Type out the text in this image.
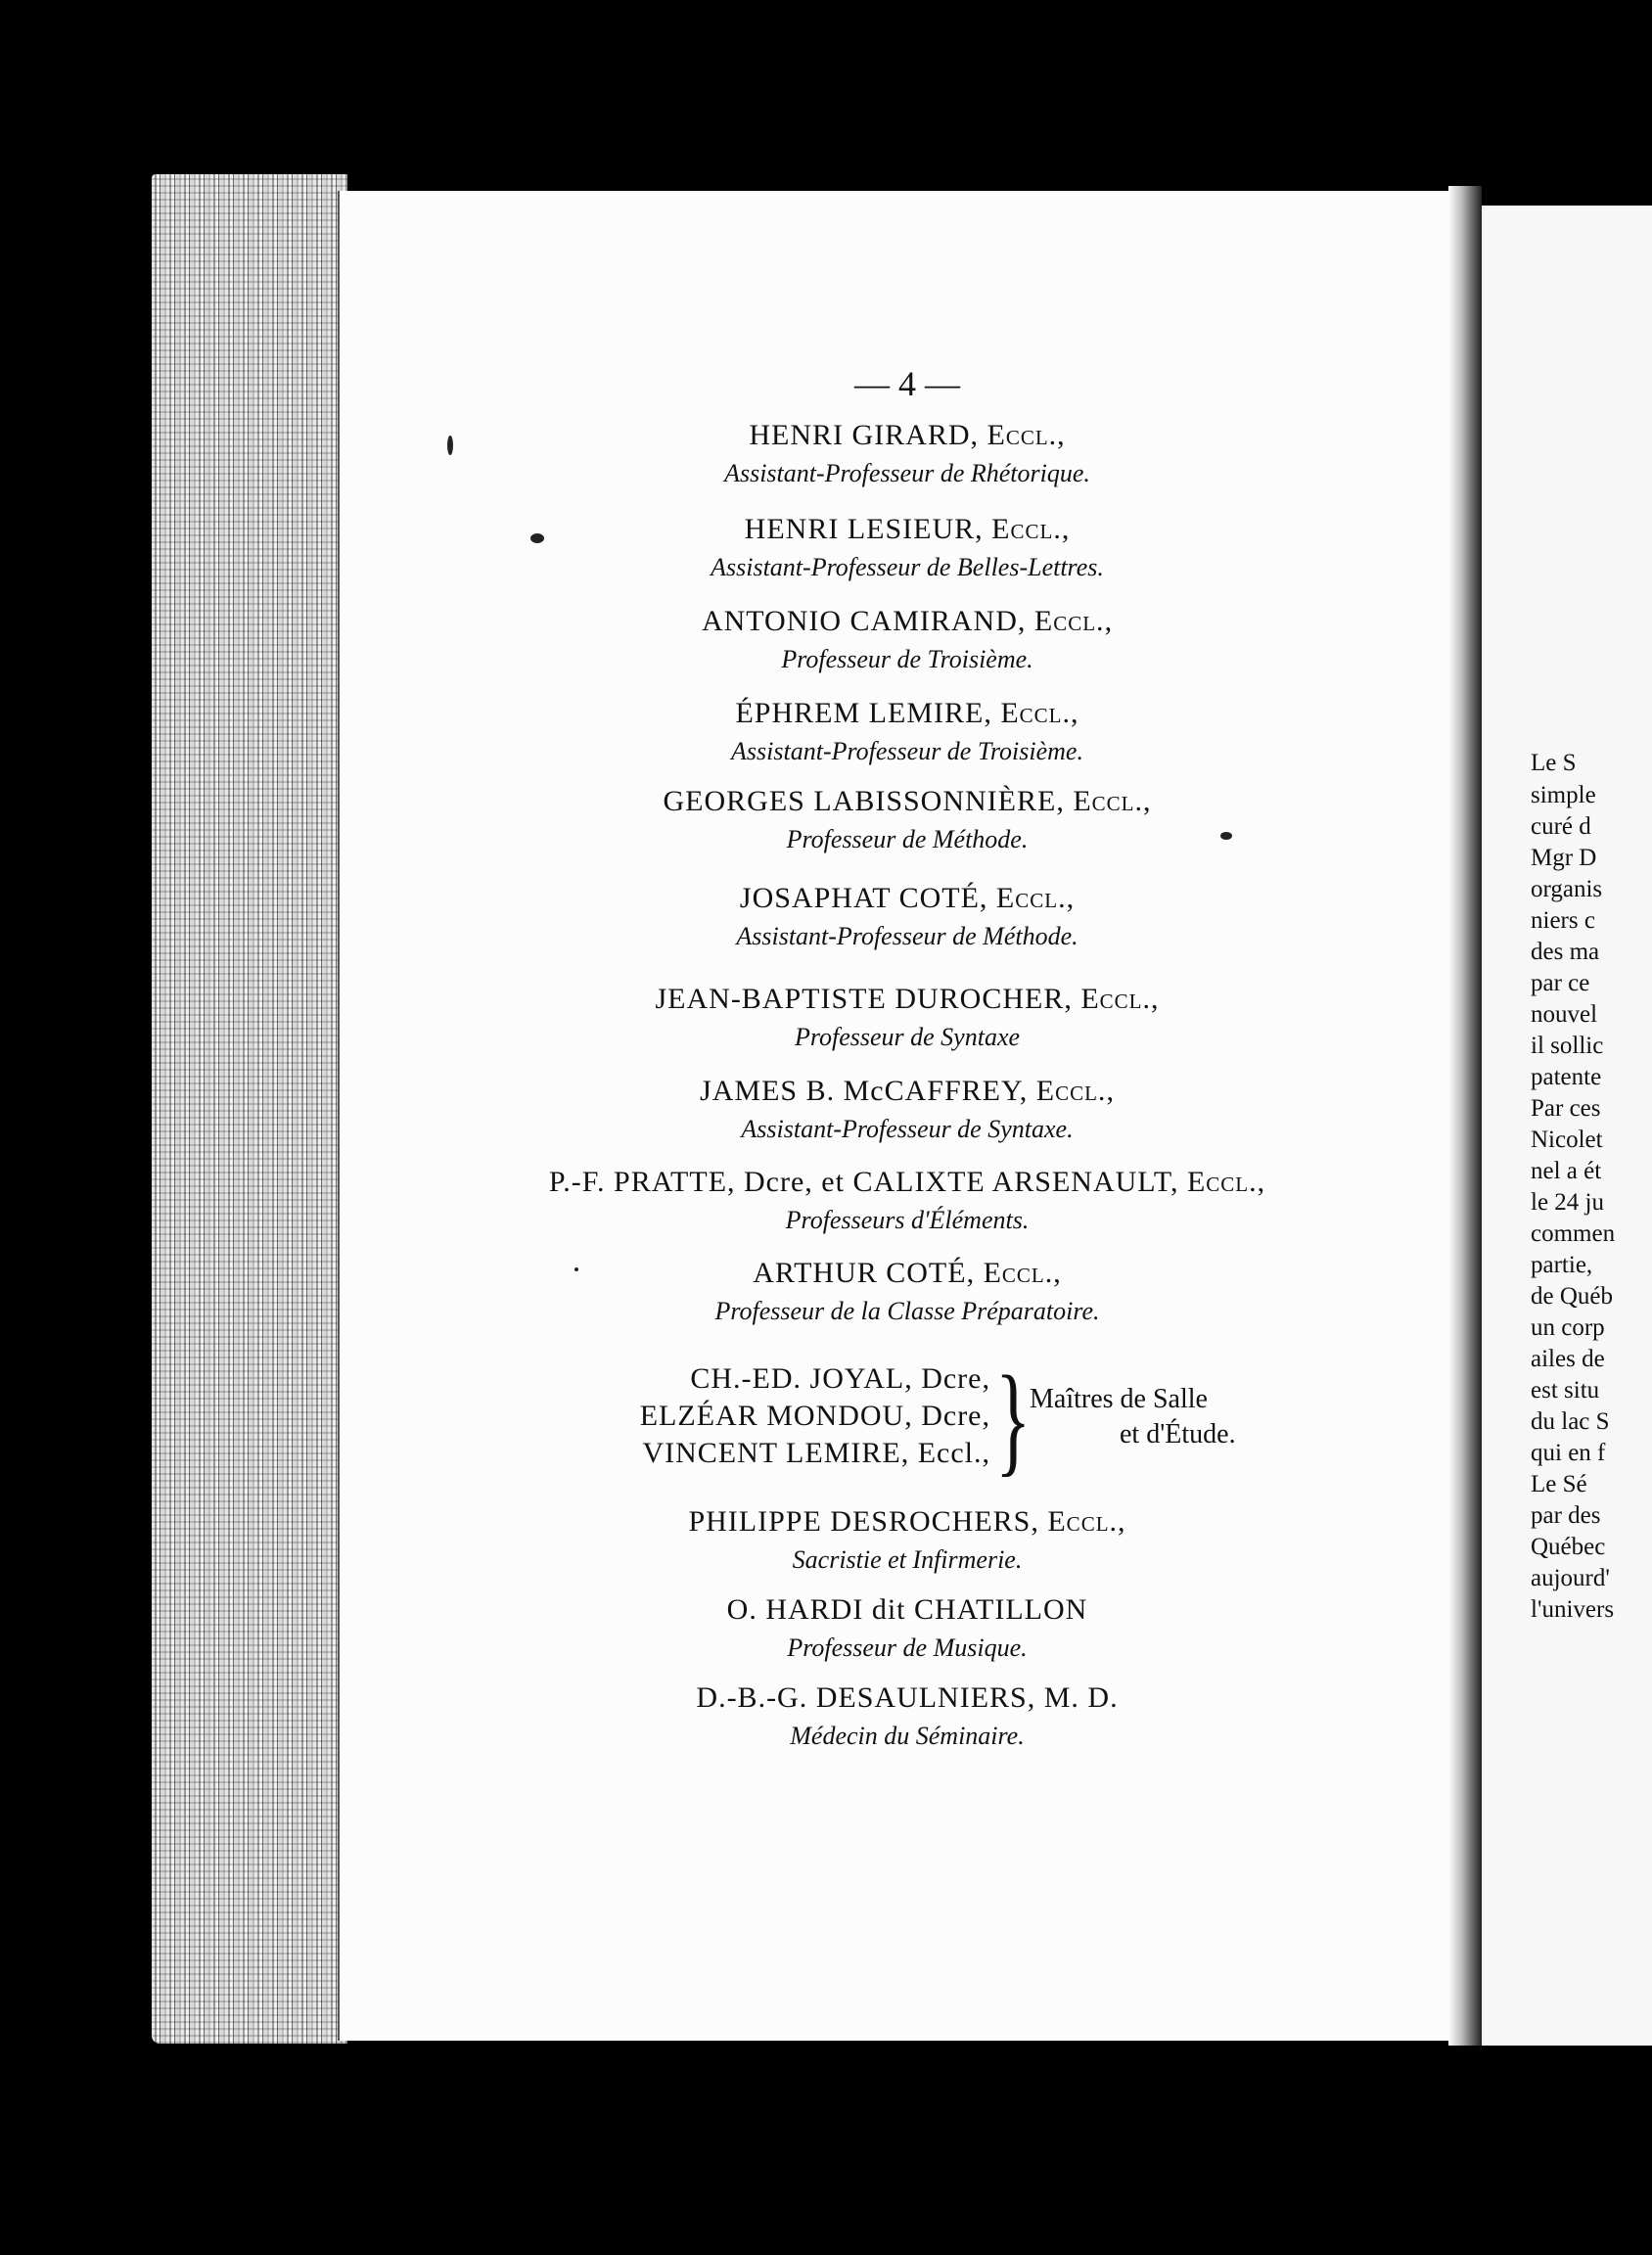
— 4 —
HENRI GIRARD, Eccl.,
Assistant-Professeur de Rhétorique.
HENRI LESIEUR, Eccl.,
Assistant-Professeur de Belles-Lettres.
ANTONIO CAMIRAND, Eccl.,
Professeur de Troisième.
ÉPHREM LEMIRE, Eccl.,
Assistant-Professeur de Troisième.
GEORGES LABISSONNIÈRE, Eccl.,
Professeur de Méthode.
JOSAPHAT COTÉ, Eccl.,
Assistant-Professeur de Méthode.
JEAN-BAPTISTE DUROCHER, Eccl.,
Professeur de Syntaxe
JAMES B. McCAFFREY, Eccl.,
Assistant-Professeur de Syntaxe.
P.-F. PRATTE, Dcre, et CALIXTE ARSENAULT, Eccl.,
Professeurs d'Éléments.
ARTHUR COTÉ, Eccl.,
Professeur de la Classe Préparatoire.
CH.-ED. JOYAL, Dcre,
ELZÉAR MONDOU, Dcre,
VINCENT LEMIRE, Eccl., }
Maîtres de Salle
et d'Étude.
PHILIPPE DESROCHERS, Eccl.,
Sacristie et Infirmerie.
O. HARDI dit CHATILLON
Professeur de Musique.
D.-B.-G. DESAULNIERS, M. D.
Médecin du Séminaire.
Le S
simple
curé d
Mgr D
organis
niers c
des ma
par ce
nouvel
il sollic
patente
Par ces
Nicolet
nel a ét
le 24 ju
commen
partie,
de Québ
un corp
ailes de
est situ
du lac S
qui en f
Le Sé
par des
Québec
aujourd'
l'univers
